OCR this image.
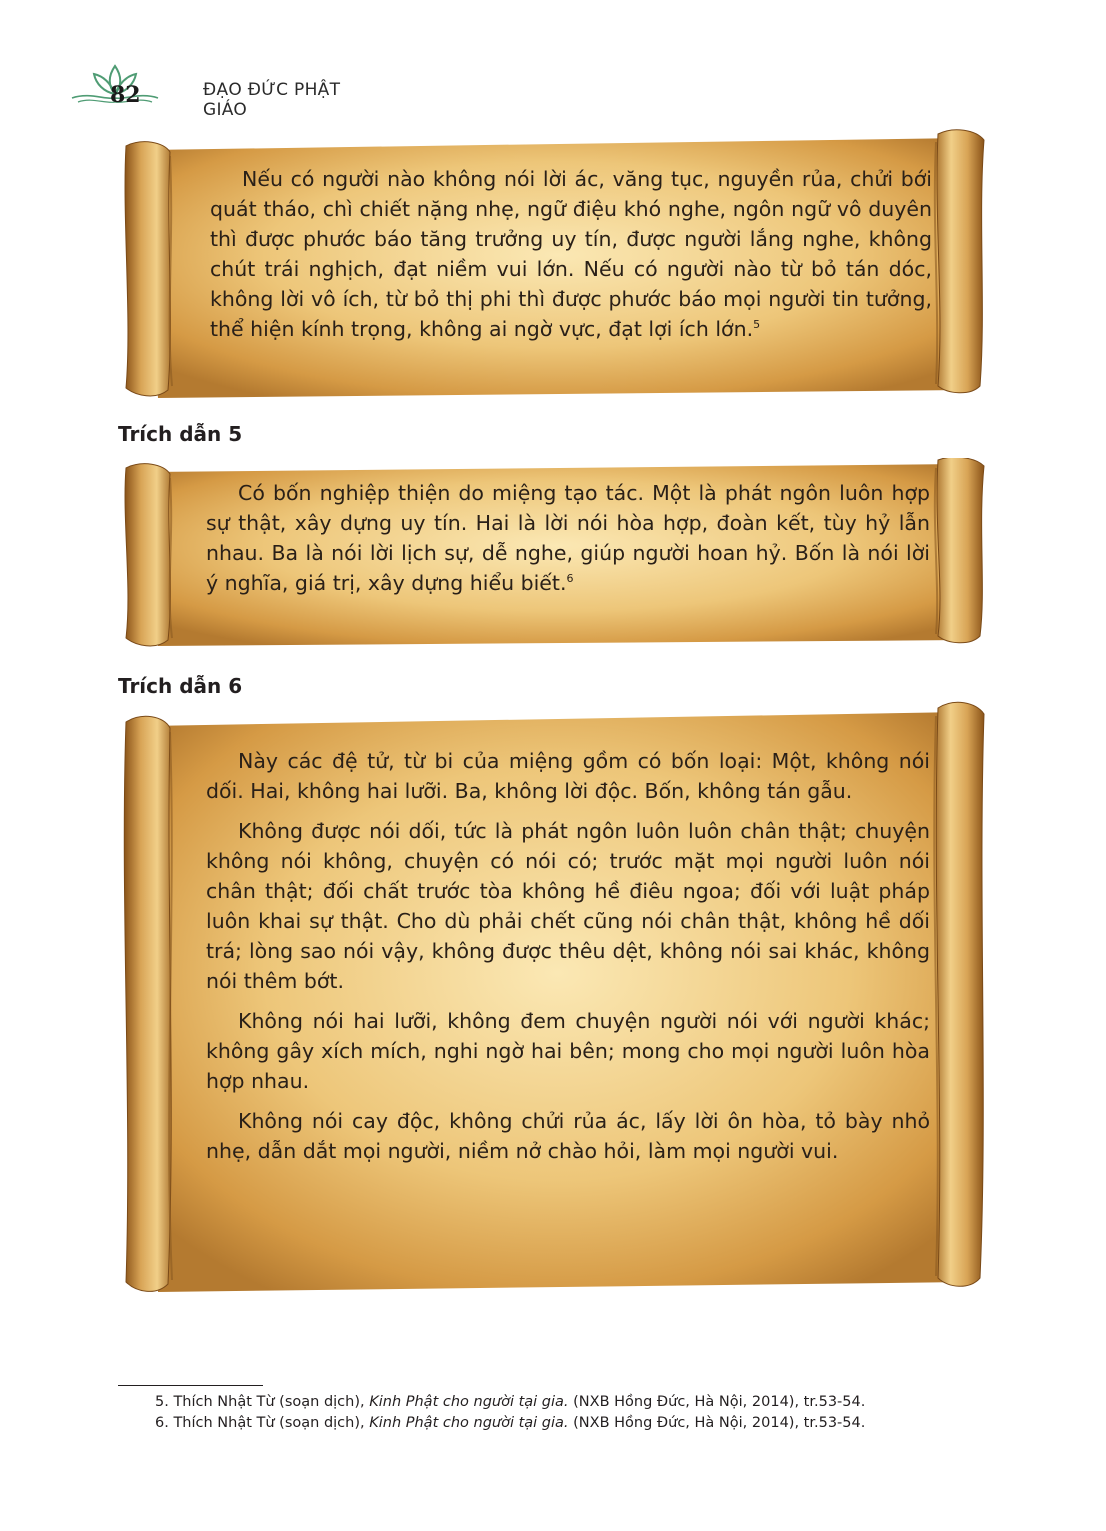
82	ĐẠO ĐỨC PHẬT GIÁO

Nếu có người nào không nói lời ác, văng tục, nguyền rủa, chửi bới quát tháo, chì chiết nặng nhẹ, ngữ điệu khó nghe, ngôn ngữ vô duyên thì được phước báo tăng trưởng uy tín, được người lắng nghe, không chút trái nghịch, đạt niềm vui lớn. Nếu có người nào từ bỏ tán dóc, không lời vô ích, từ bỏ thị phi thì được phước báo mọi người tin tưởng, thể hiện kính trọng, không ai ngờ vực, đạt lợi ích lớn.$^5$

Trích dẫn 5

Có bốn nghiệp thiện do miệng tạo tác. Một là phát ngôn luôn hợp sự thật, xây dựng uy tín. Hai là lời nói hòa hợp, đoàn kết, tùy hỷ lẫn nhau. Ba là nói lời lịch sự, dễ nghe, giúp người hoan hỷ. Bốn là nói lời ý nghĩa, giá trị, xây dựng hiểu biết.$^6$

Trích dẫn 6

Này các đệ tử, từ bi của miệng gồm có bốn loại: Một, không nói dối. Hai, không hai lưỡi. Ba, không lời độc. Bốn, không tán gẫu.

Không được nói dối, tức là phát ngôn luôn luôn chân thật; chuyện không nói không, chuyện có nói có; trước mặt mọi người luôn nói chân thật; đối chất trước tòa không hề điêu ngoa; đối với luật pháp luôn khai sự thật. Cho dù phải chết cũng nói chân thật, không hề dối trá; lòng sao nói vậy, không được thêu dệt, không nói sai khác, không nói thêm bớt.

Không nói hai lưỡi, không đem chuyện người nói với người khác; không gây xích mích, nghi ngờ hai bên; mong cho mọi người luôn hòa hợp nhau.

Không nói cay độc, không chửi rủa ác, lấy lời ôn hòa, tỏ bày nhỏ nhẹ, dẫn dắt mọi người, niềm nở chào hỏi, làm mọi người vui.

5. Thích Nhật Từ (soạn dịch), Kinh Phật cho người tại gia. (NXB Hồng Đức, Hà Nội, 2014), tr.53-54.
6. Thích Nhật Từ (soạn dịch), Kinh Phật cho người tại gia. (NXB Hồng Đức, Hà Nội, 2014), tr.53-54.
